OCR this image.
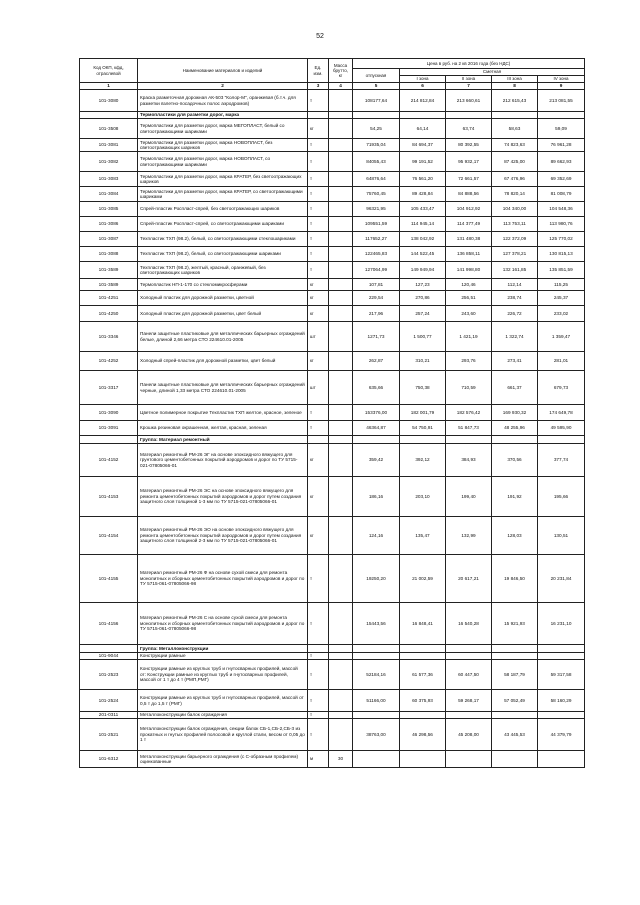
52
Код ОКП, кфд, отраслевой	Наименование материалов и изделий	Ед. изм.	Масса брутто, кг	Цена в руб. на 2 кв 2016 года (без НДС)				
				отпускная	Сметная			
					I зона	II зона	III зона	IV зона
1	2	3	4	5	6	7	8	9
101-3080	Краска разметочная дорожная АК-503 "Колор-М", оранжевая (б.т.ч. для разметки взлетно-посадочных полос аэродромов)	т		108177,64	214 812,84	213 660,61	212 615,43	213 081,55
	Термопластики для разметки дорог, марка							
101-3508	Термопластики для разметки дорог, марка МЕГОПЛАСТ, белый со светоотражающими шариками	кг		54,25	64,14	63,74	58,63	59,09
101-3081	Термопластики для разметки дорог, марка НОВОПЛАСТ, без светоотражающих шариков	т		71935,04	84 694,37	80 392,55	74 823,63	76 961,28
101-3082	Термопластики для разметки дорог, марка НОВОПЛАСТ, со светоотражающими шариками	т		84055,43	99 191,52	95 932,17	87 425,00	89 662,93
101-3083	Термопластики для разметки дорог, марка КРАТЕР, без светоотражающих шариков	т		64876,64	76 561,20	72 661,57	67 476,96	69 352,69
101-3084	Термопластики для разметки дорог, марка КРАТЕР, со светоотражающими шариками	т		75760,45	89 428,84	84 888,56	78 820,14	81 008,79
101-3085	Спрей-пластик Роспласт-спрей, без светоотражающих шариков	т		96321,95	105 433,47	104 912,92	104 340,00	104 548,36
101-3086	Спрей-пластик Роспласт-спрей, со светоотражающими шариками	т		109551,59	114 945,14	114 377,49	113 753,11	113 980,76
101-3087	Техпластик ТХП (98.2), белый, со светоотражающими стеклошариками	т		117652,27	138 042,92	131 480,38	122 372,09	125 770,02
101-3088	Техпластик ТХП (98.2), белый, со светоотражающими шариками	т		122465,83	144 522,45	136 858,11	127 378,21	130 815,13
101-3589	Техпластик ТХП (98.2), желтый, красный, оранжевый, без светоотражающих шариков	т		127064,99	149 949,94	141 998,80	132 161,85	135 851,59
101-3589	Термопластик НП-1-170 со стекломикросферами	кг		107,81	127,23	120,46	112,14	115,25
101-4251	Холодный пластик для дорожной разметки, цветной	кг		229,54	270,86	256,51	238,74	245,37
101-4250	Холодный пластик для дорожной разметки, цвет белый	кг		217,96	257,24	243,60	226,72	233,02
101-3346	Панели защитные пластиковые для металлических барьерных ограждений белые, длиной 2,66 метра СТО 224610.01-2005	шт		1271,73	1 500,77	1 421,19	1 322,74	1 359,47
101-4252	Холодный спрей-пластик для дорожной разметки, цвет белый	кг		262,87	310,21	293,76	273,41	281,01
101-3317	Панели защитные пластиковые для металлических барьерных ограждений черные, длиной 1,33 метра СТО 224610.01-2005	шт		635,66	750,38	710,59	661,37	679,73
101-3090	Цветное полимерное покрытие Техпластик ТХП желтое, красное, зеленое	т		153376,00	182 001,79	182 576,42	169 930,32	174 649,78
101-3091	Крошка резиновая окрашенная, желтая, красная, зеленая	т		46364,87	54 750,91	51 847,73	48 255,96	49 595,90
	Группа: Материал ремонтный							
101-4152	Материал ремонтный РМ-26 ЭГ на основе эпоксидного вяжущего для грунтового цементобетонных покрытий аэродромов и дорог по ТУ 5715-021-07805066-01	кг		359,42	392,12	384,93	370,56	377,74
101-4153	Материал ремонтный РМ-26 ЭС на основе эпоксидного вяжущего для ремонта цементобетонных покрытий аэродромов и дорог путем создания защитного слоя толщиной 1-3 мм по ТУ 5715-021-07805066-01	кг		186,16	203,10	199,40	191,92	195,66
101-4154	Материал ремонтный РМ-26 ЭО на основе эпоксидного вяжущего для ремонта цементобетонных покрытий аэродромов и дорог путем создания защитного слоя толщиной 2-3 мм по ТУ 5715-021-07805066-01	кг		124,16	135,47	132,99	128,03	130,51
101-4155	Материал ремонтный РМ-26 Ф на основе сухой смеси для ремонта монолитных и сборных цементобетонных покрытий аэродромов и дорог по ТУ 5715-061-07805066-98	т		19250,20	21 002,59	20 617,21	19 846,50	20 231,84
101-4156	Материал ремонтный РМ-26 С на основе сухой смеси для ремонта монолитных и сборных цементобетонных покрытий аэродромов и дорог по ТУ 5715-061-07805066-98	т		15443,56	16 848,41	16 540,28	15 921,93	16 231,10
	Группа: Металлоконструкции							
101-9044	Конструкции рамные	т						
101-2523	Конструкции рамные из круглых труб и гнутосварных профилей, массой от: Конструкции рамные из круглых труб и гнутосварных профилей, массой от 1 т до 4 т (РМП,РМГ)	т		52184,16	61 577,36	60 447,50	58 187,79	59 317,58
101-2524	Конструкции рамные из круглых труб и гнутосварных профилей, массой от 0,5 т до 1,5 т (РМГ)	т		51166,00	60 375,93	59 268,17	57 052,49	58 160,29
201-0311	Металлоконструкции балок ограждения	т						
101-2521	Металлоконструкции балок ограждения, секции балок СБ-1,СБ-2,СБ-3 из прокатных и гнутых профилей полосовой и круглой стали, весом от 0,05 до 1 т	т		38763,00	46 298,56	45 208,00	43 445,53	44 379,79
101-6312	Металлоконструкции барьерного ограждения (с С-образным профилем) оцинкованные	м	30					
